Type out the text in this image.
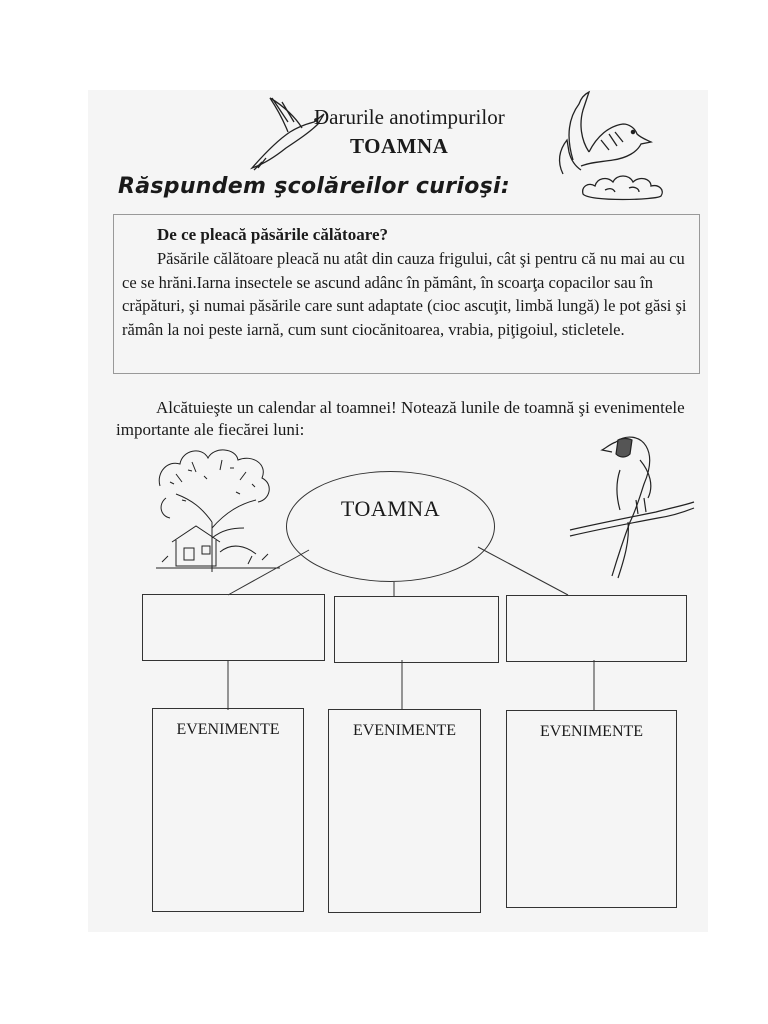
Darurile anotimpurilor
TOAMNA
Răspundem şcolăreilor curioşi:
De ce pleacă păsările călătoare?
Păsările călătoare pleacă nu atât din cauza frigului, cât şi pentru că nu mai au cu ce se hrăni.Iarna insectele se ascund adânc în pământ, în scoarţa copacilor sau în crăpături, şi numai păsările care sunt adaptate (cioc ascuţit, limbă lungă) le pot găsi şi rămân la noi peste iarnă, cum sunt ciocănitoarea, vrabia, piţigoiul, sticletele.
Alcătuieşte un calendar al toamnei! Notează lunile de toamnă şi evenimentele importante ale fiecărei luni:
TOAMNA
EVENIMENTE	EVENIMENTE	EVENIMENTE
